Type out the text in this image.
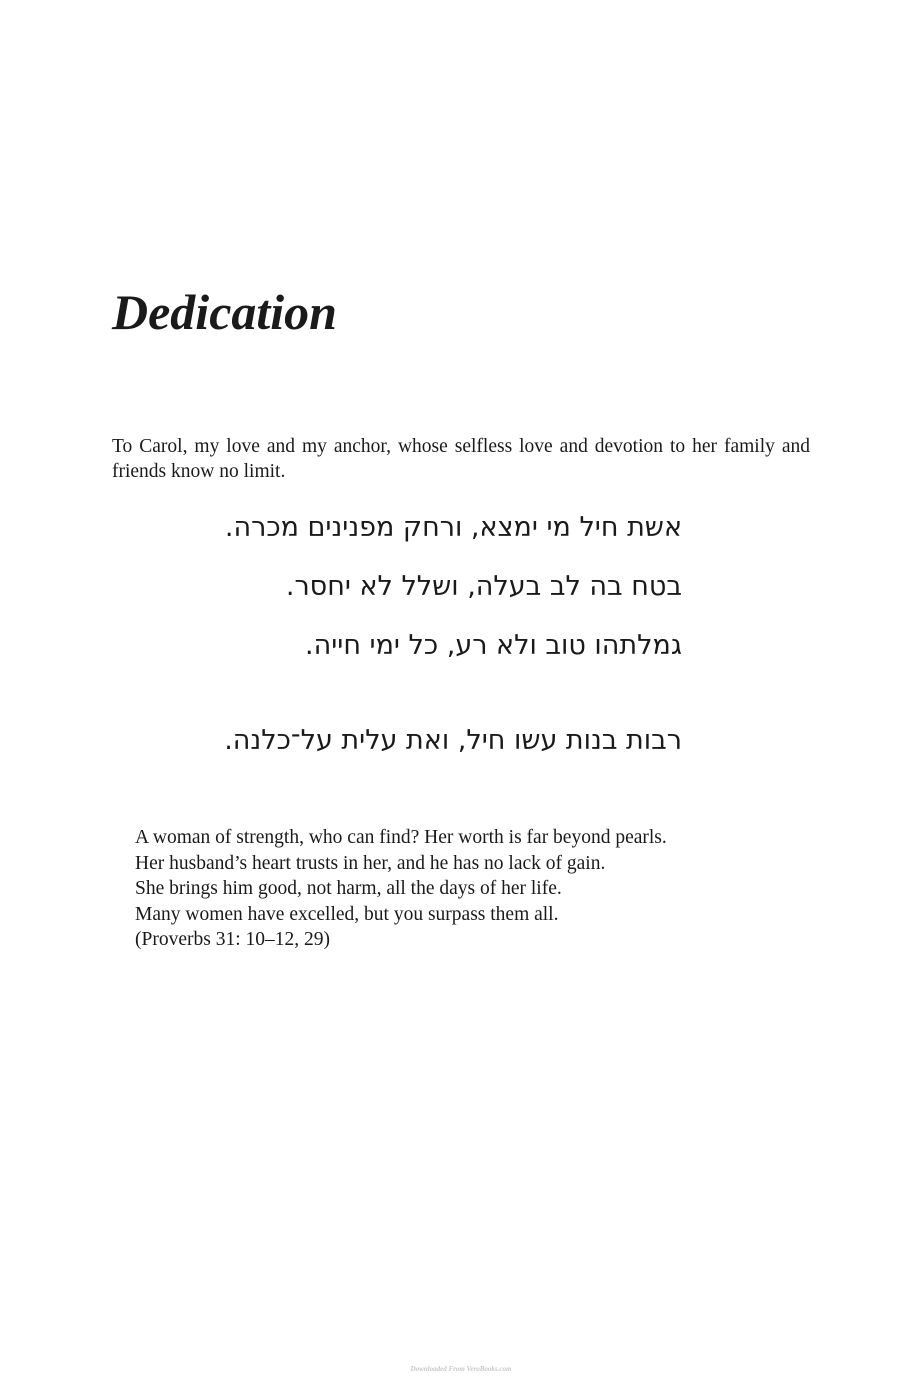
Dedication

To Carol, my love and my anchor, whose selfless love and devotion to her family and friends know no limit.

אשת חיל מי ימצא, ורחק מפנינים מכרה.
בטח בה לב בעלה, ושלל לא יחסר.
גמלתהו טוב ולא רע, כל ימי חייה.
רבות בנות עשו חיל, ואת עלית על־כלנה.
A woman of strength, who can find? Her worth is far beyond pearls.
Her husband’s heart trusts in her, and he has no lack of gain.
She brings him good, not harm, all the days of her life.
Many women have excelled, but you surpass them all.
(Proverbs 31: 10–12, 29)
Downloaded From VeroBooks.com
